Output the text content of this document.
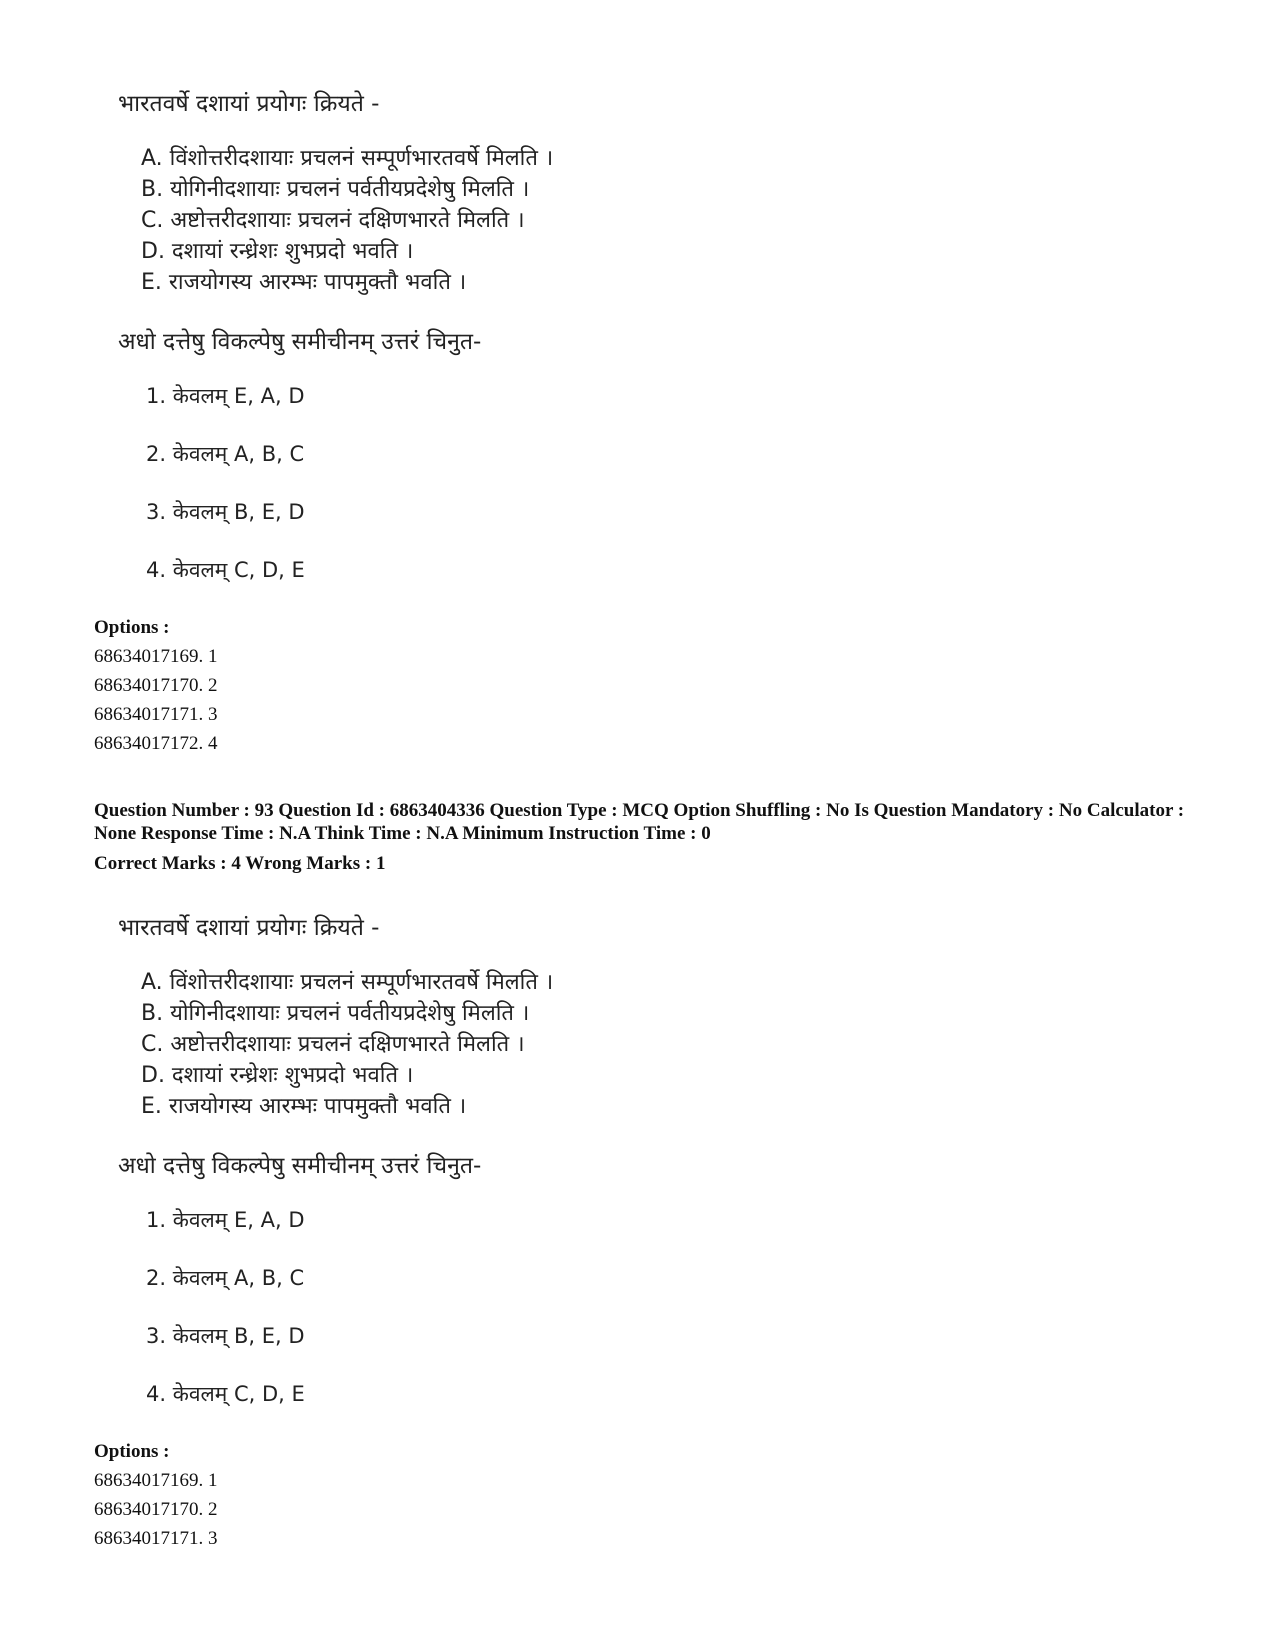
भारतवर्षे दशायां प्रयोगः क्रियते -
A. विंशोत्तरीदशायाः प्रचलनं सम्पूर्णभारतवर्षे मिलति ।
B. योगिनीदशायाः प्रचलनं पर्वतीयप्रदेशेषु मिलति ।
C. अष्टोत्तरीदशायाः प्रचलनं दक्षिणभारते मिलति ।
D. दशायां रन्ध्रेशः शुभप्रदो भवति ।
E. राजयोगस्य आरम्भः पापमुक्तौ भवति ।
अधो दत्तेषु विकल्पेषु समीचीनम् उत्तरं चिनुत-
1. केवलम् E, A, D
2. केवलम् A, B, C
3. केवलम् B, E, D
4. केवलम् C, D, E
Options :
68634017169. 1
68634017170. 2
68634017171. 3
68634017172. 4
Question Number : 93 Question Id : 6863404336 Question Type : MCQ Option Shuffling : No Is Question Mandatory : No Calculator : None Response Time : N.A Think Time : N.A Minimum Instruction Time : 0
Correct Marks : 4 Wrong Marks : 1
भारतवर्षे दशायां प्रयोगः क्रियते -
A. विंशोत्तरीदशायाः प्रचलनं सम्पूर्णभारतवर्षे मिलति ।
B. योगिनीदशायाः प्रचलनं पर्वतीयप्रदेशेषु मिलति ।
C. अष्टोत्तरीदशायाः प्रचलनं दक्षिणभारते मिलति ।
D. दशायां रन्ध्रेशः शुभप्रदो भवति ।
E. राजयोगस्य आरम्भः पापमुक्तौ भवति ।
अधो दत्तेषु विकल्पेषु समीचीनम् उत्तरं चिनुत-
1. केवलम् E, A, D
2. केवलम् A, B, C
3. केवलम् B, E, D
4. केवलम् C, D, E
Options :
68634017169. 1
68634017170. 2
68634017171. 3
